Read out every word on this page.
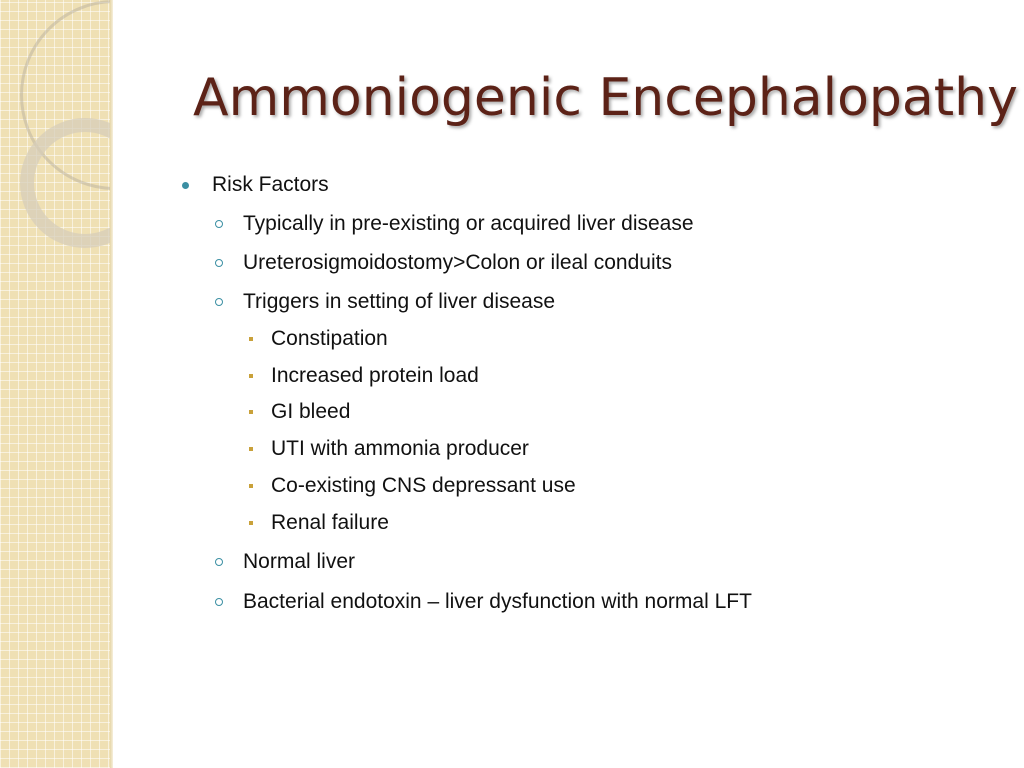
Ammoniogenic Encephalopathy
Risk Factors
Typically in pre-existing or acquired liver disease
Ureterosigmoidostomy>Colon or ileal conduits
Triggers in setting of liver disease
Constipation
Increased protein load
GI bleed
UTI with ammonia producer
Co-existing CNS depressant use
Renal failure
Normal liver
Bacterial endotoxin – liver dysfunction with normal LFT
